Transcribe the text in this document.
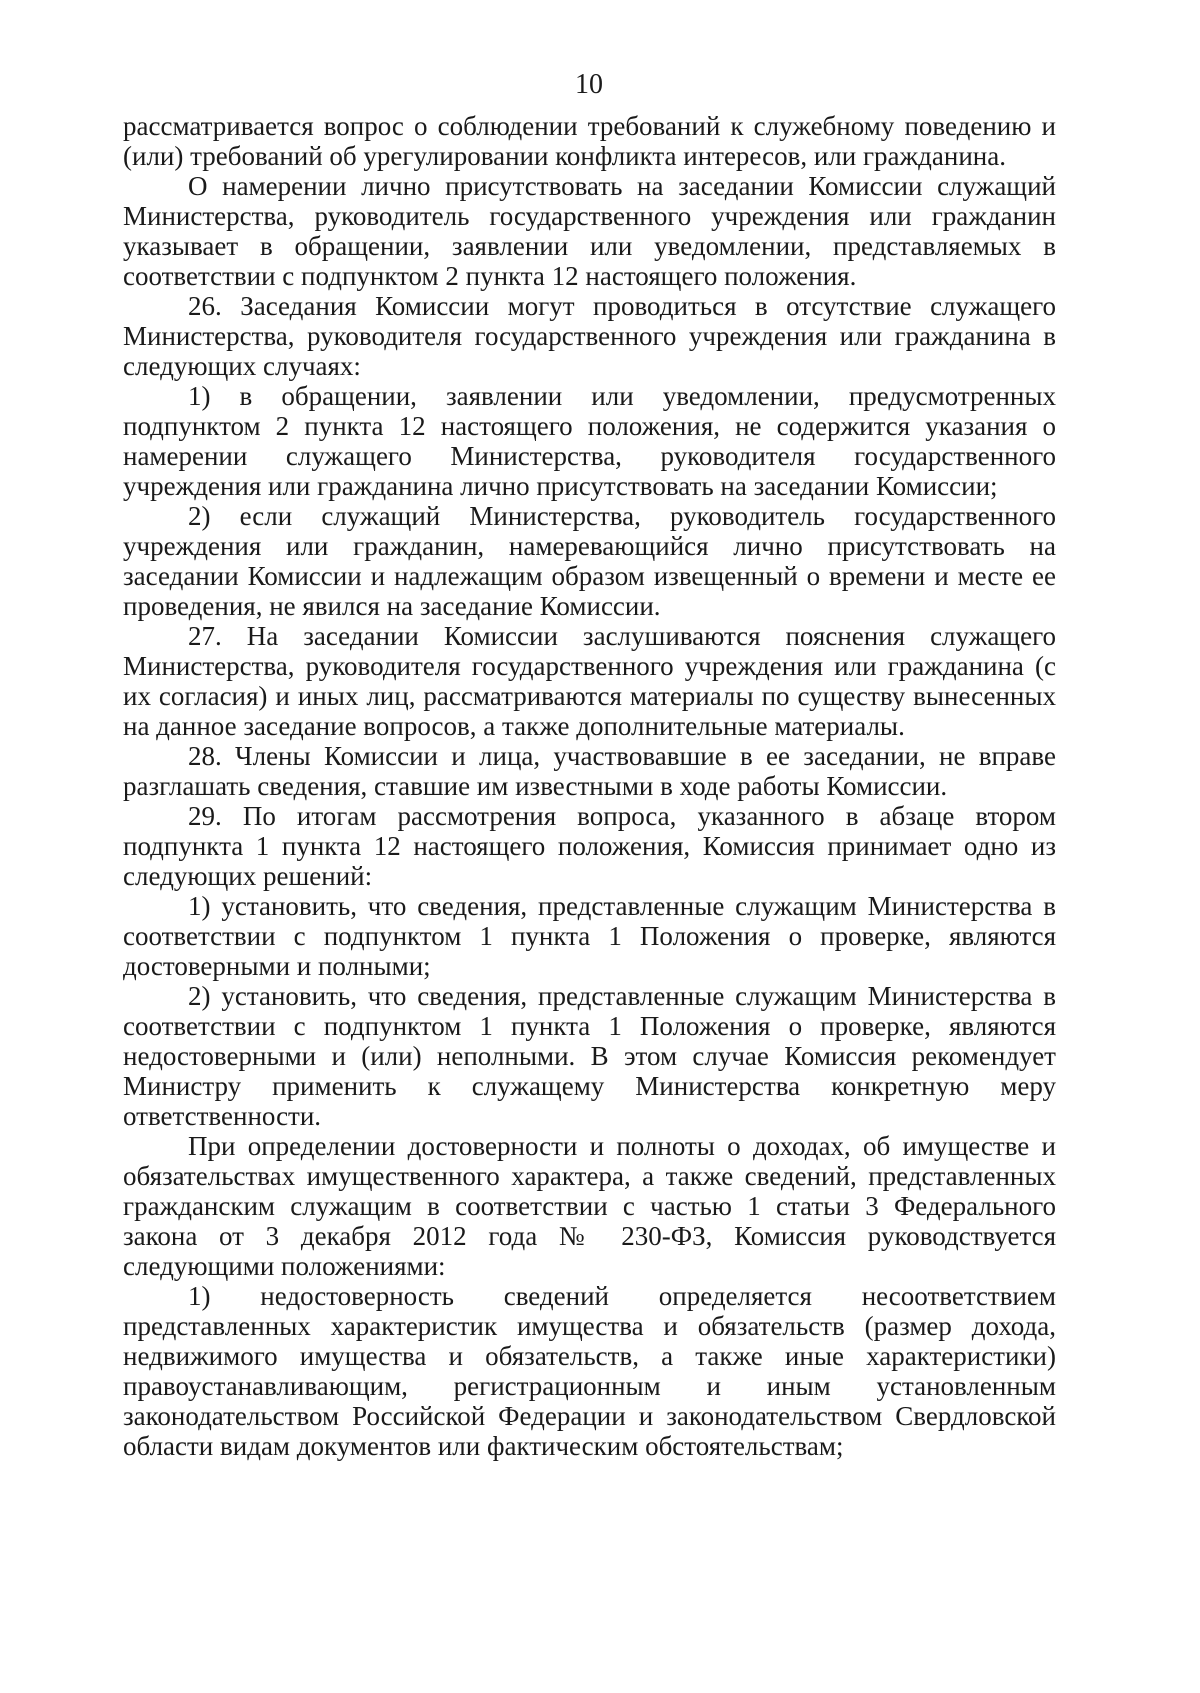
10

рассматривается вопрос о соблюдении требований к служебному поведению и (или) требований об урегулировании конфликта интересов, или гражданина.

О намерении лично присутствовать на заседании Комиссии служащий Министерства, руководитель государственного учреждения или гражданин указывает в обращении, заявлении или уведомлении, представляемых в соответствии с подпунктом 2 пункта 12 настоящего положения.

26. Заседания Комиссии могут проводиться в отсутствие служащего Министерства, руководителя государственного учреждения или гражданина в следующих случаях:

1) в обращении, заявлении или уведомлении, предусмотренных подпунктом 2 пункта 12 настоящего положения, не содержится указания о намерении служащего Министерства, руководителя государственного учреждения или гражданина лично присутствовать на заседании Комиссии;

2) если служащий Министерства, руководитель государственного учреждения или гражданин, намеревающийся лично присутствовать на заседании Комиссии и надлежащим образом извещенный о времени и месте ее проведения, не явился на заседание Комиссии.

27. На заседании Комиссии заслушиваются пояснения служащего Министерства, руководителя государственного учреждения или гражданина (с их согласия) и иных лиц, рассматриваются материалы по существу вынесенных на данное заседание вопросов, а также дополнительные материалы.

28. Члены Комиссии и лица, участвовавшие в ее заседании, не вправе разглашать сведения, ставшие им известными в ходе работы Комиссии.

29. По итогам рассмотрения вопроса, указанного в абзаце втором подпункта 1 пункта 12 настоящего положения, Комиссия принимает одно из следующих решений:

1) установить, что сведения, представленные служащим Министерства в соответствии с подпунктом 1 пункта 1 Положения о проверке, являются достоверными и полными;

2) установить, что сведения, представленные служащим Министерства в соответствии с подпунктом 1 пункта 1 Положения о проверке, являются недостоверными и (или) неполными. В этом случае Комиссия рекомендует Министру применить к служащему Министерства конкретную меру ответственности.

При определении достоверности и полноты о доходах, об имуществе и обязательствах имущественного характера, а также сведений, представленных гражданским служащим в соответствии с частью 1 статьи 3 Федерального закона от 3 декабря 2012 года № 230-ФЗ, Комиссия руководствуется следующими положениями:

1) недостоверность сведений определяется несоответствием представленных характеристик имущества и обязательств (размер дохода, недвижимого имущества и обязательств, а также иные характеристики) правоустанавливающим, регистрационным и иным установленным законодательством Российской Федерации и законодательством Свердловской области видам документов или фактическим обстоятельствам;
